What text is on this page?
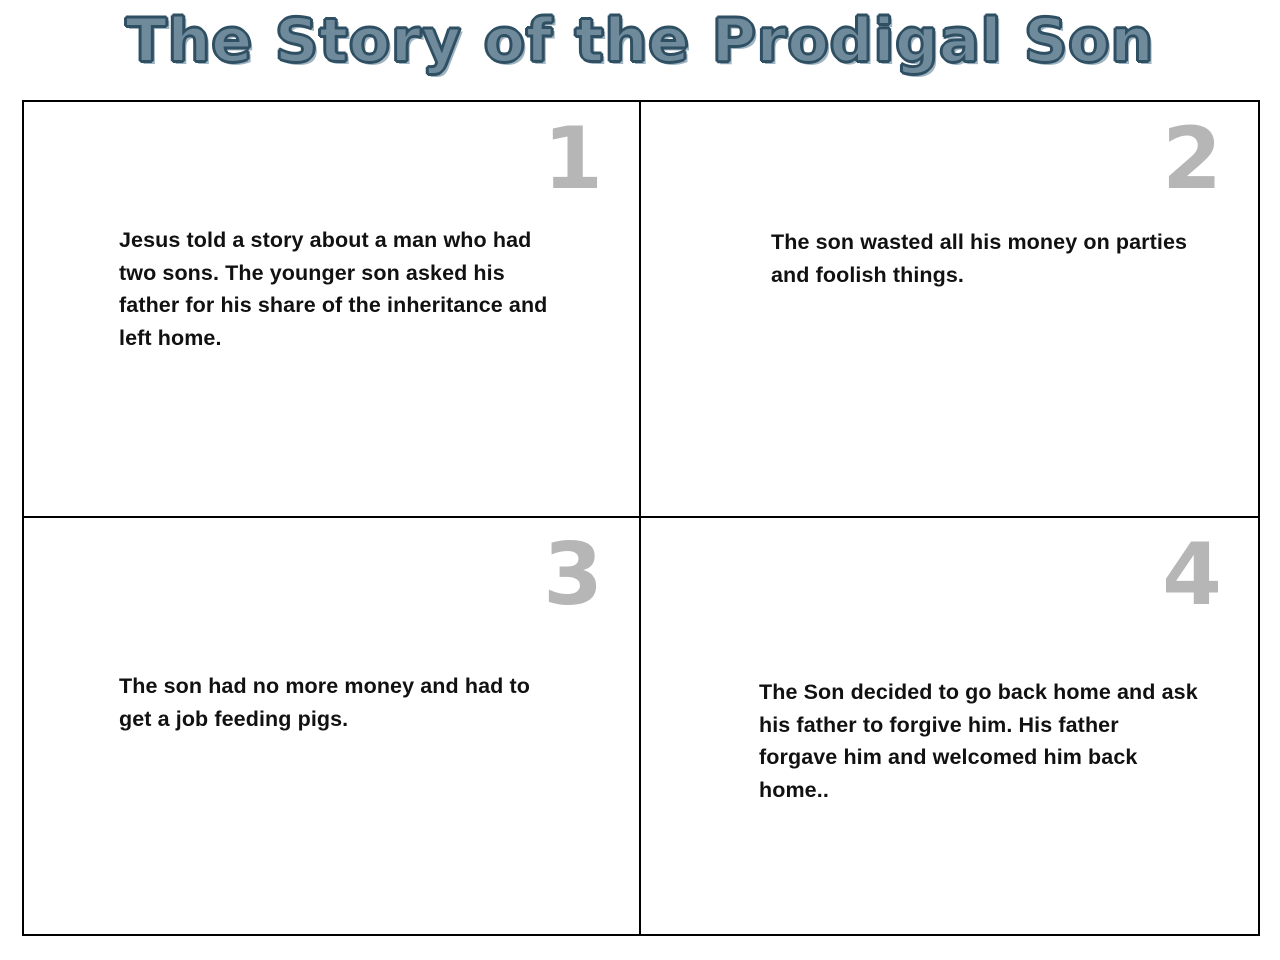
The Story of the Prodigal Son
1
Jesus told a story about a man who had two sons. The younger son asked his father for his share of the inheritance and left home.
2
The son wasted all his money on parties and foolish things.
3
The son had no more money and had to get a job feeding pigs.
4
The Son decided to go back home and ask his father to forgive him. His father forgave him and welcomed him back home..
